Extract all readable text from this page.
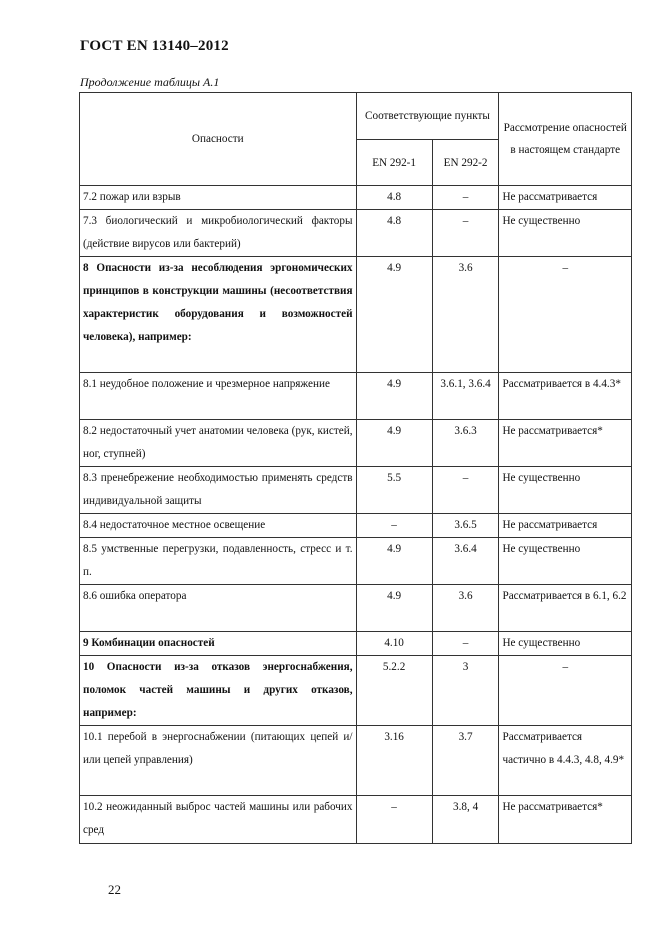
ГОСТ EN 13140–2012
Продолжение таблицы А.1
Опасности	Соответствующие пункты		Рассмотрение опасностей в настоящем стандарте
	EN 292-1	EN 292-2	
7.2 пожар или взрыв	4.8	–	Не рассматривается
7.3 биологический и микробиологический факторы (действие вирусов или бактерий)	4.8	–	Не существенно
8 Опасности из-за несоблюдения эргономических принципов в конструкции машины (несоответствия характеристик оборудования и возможностей человека), например:	4.9	3.6	–
8.1 неудобное положение и чрезмерное напряжение	4.9	3.6.1, 3.6.4	Рассматривается в 4.4.3*
8.2 недостаточный учет анатомии человека (рук, кистей, ног, ступней)	4.9	3.6.3	Не рассматривается*
8.3 пренебрежение необходимостью применять средств индивидуальной защиты	5.5	–	Не существенно
8.4 недостаточное местное освещение	–	3.6.5	Не рассматривается
8.5 умственные перегрузки, подавленность, стресс и т. п.	4.9	3.6.4	Не существенно
8.6 ошибка оператора	4.9	3.6	Рассматривается в 6.1, 6.2
9 Комбинации опасностей	4.10	–	Не существенно
10 Опасности из-за отказов энергоснабжения, поломок частей машины и других отказов, например:	5.2.2	3	–
10.1 перебой в энергоснабжении (питающих цепей и/или цепей управления)	3.16	3.7	Рассматривается частично в 4.4.3, 4.8, 4.9*
10.2 неожиданный выброс частей машины или рабочих сред	–	3.8, 4	Не рассматривается*
22
